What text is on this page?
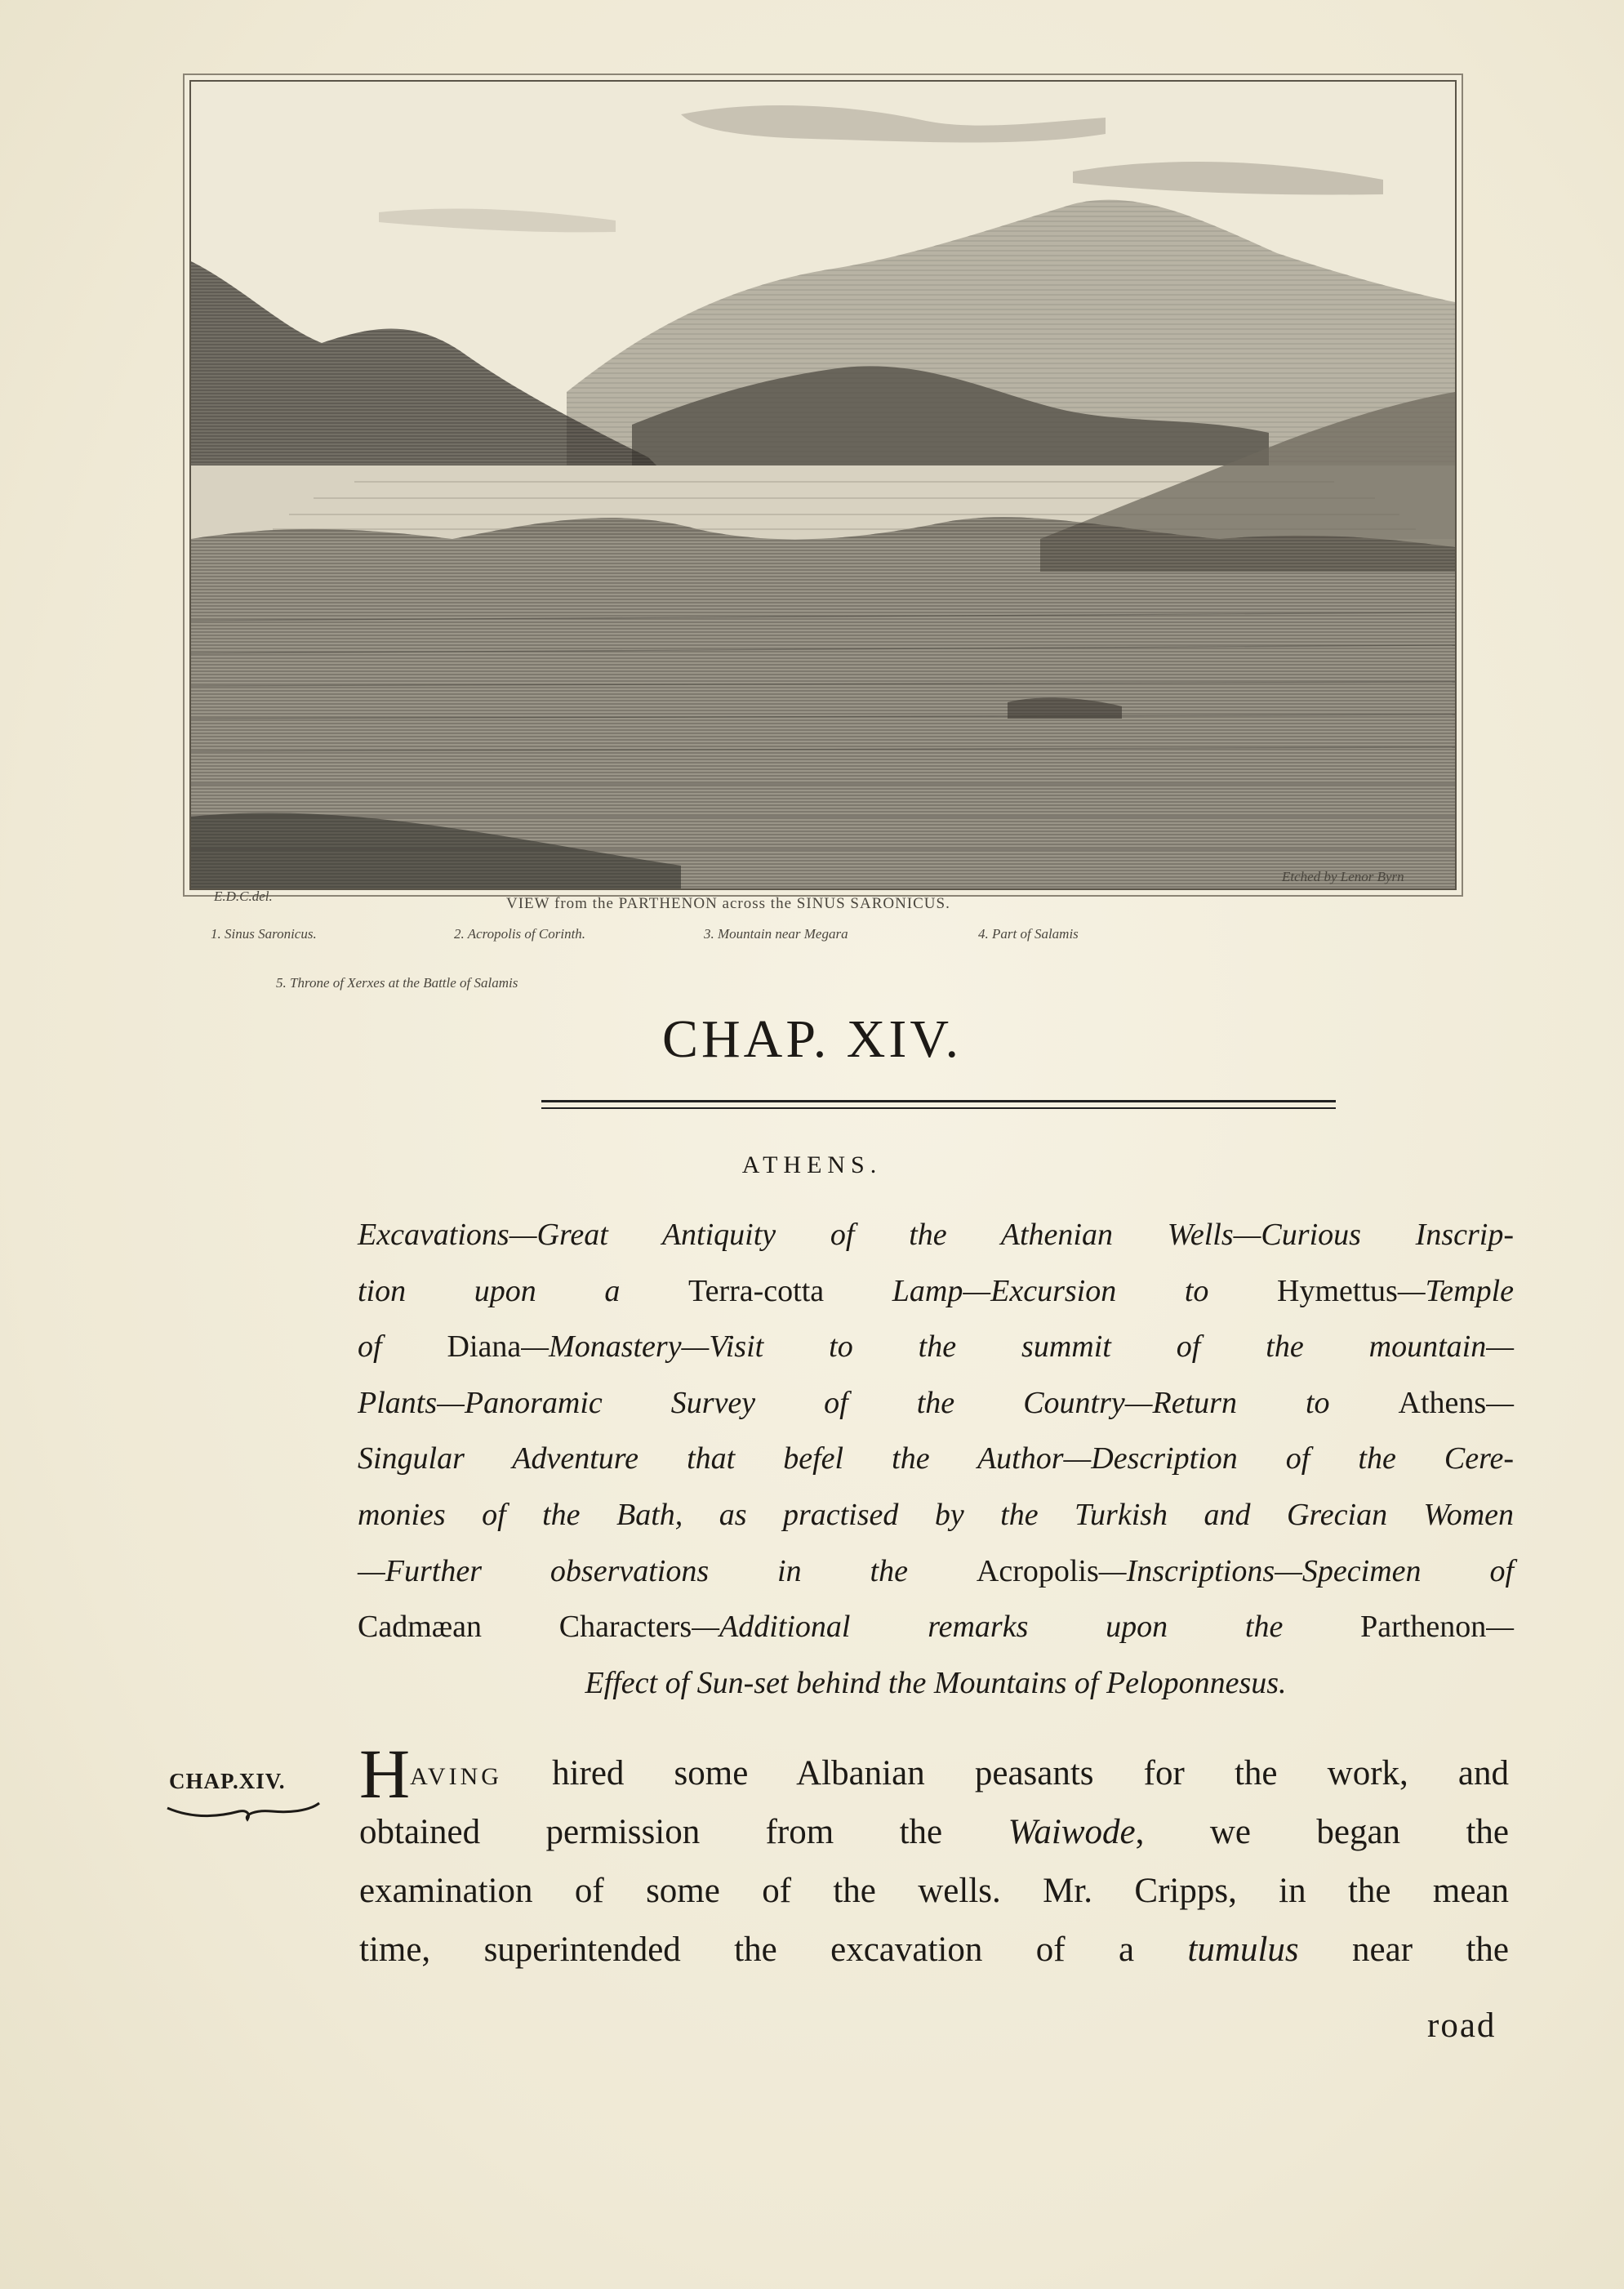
E.D.C.del.	VIEW from the PARTHENON across the SINUS SARONICUS.
Etched by Lenor Byrn
1. Sinus Saronicus.	2. Acropolis of Corinth.	3. Mountain near Megara	4. Part of Salamis
5. Throne of Xerxes at the Battle of Salamis
CHAP. XIV.
ATHENS.
Excavations—Great Antiquity of the Athenian Wells—Curious Inscrip-
tion upon a Terra-cotta Lamp—Excursion to Hymettus—Temple
of Diana—Monastery—Visit to the summit of the mountain—
Plants—Panoramic Survey of the Country—Return to Athens—
Singular Adventure that befel the Author—Description of the Cere-
monies of the Bath, as practised by the Turkish and Grecian Women
—Further observations in the Acropolis—Inscriptions—Specimen of
Cadmæan Characters—Additional remarks upon the Parthenon—
Effect of Sun-set behind the Mountains of Peloponnesus.
CHAP.XIV. HAVING hired some Albanian peasants for the work, and
obtained permission from the Waiwode, we began the
examination of some of the wells. Mr. Cripps, in the mean
time, superintended the excavation of a tumulus near the
road
